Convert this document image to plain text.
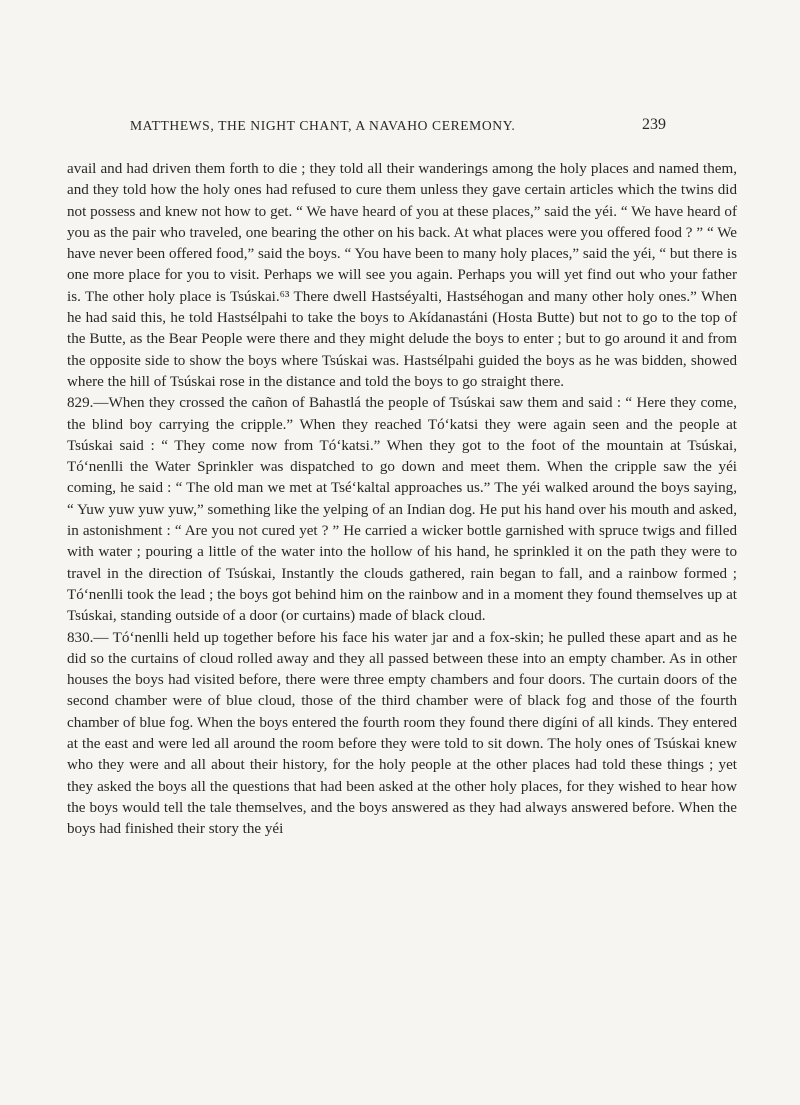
MATTHEWS, THE NIGHT CHANT, A NAVAHO CEREMONY.	239

avail and had driven them forth to die ; they told all their wanderings among the holy places and named them, and they told how the holy ones had refused to cure them unless they gave certain articles which the twins did not possess and knew not how to get. “ We have heard of you at these places,” said the yéi. “ We have heard of you as the pair who traveled, one bearing the other on his back. At what places were you offered food ? ” “ We have never been offered food,” said the boys. “ You have been to many holy places,” said the yéi, “ but there is one more place for you to visit. Perhaps we will see you again. Perhaps you will yet find out who your father is. The other holy place is Tsúskai.⁶³ There dwell Hastséyalti, Hastséhogan and many other holy ones.” When he had said this, he told Hastsélpahi to take the boys to Akídanastáni (Hosta Butte) but not to go to the top of the Butte, as the Bear People were there and they might delude the boys to enter ; but to go around it and from the opposite side to show the boys where Tsúskai was. Hastsélpahi guided the boys as he was bidden, showed where the hill of Tsúskai rose in the distance and told the boys to go straight there.

829.—When they crossed the cañon of Bahastlá the people of Tsúskai saw them and said : “ Here they come, the blind boy carrying the cripple.” When they reached Tóʻkatsi they were again seen and the people at Tsúskai said : “ They come now from Tóʻkatsi.” When they got to the foot of the mountain at Tsúskai, Tóʻnenlli the Water Sprinkler was dispatched to go down and meet them. When the cripple saw the yéi coming, he said : “ The old man we met at Tséʻkaltal approaches us.” The yéi walked around the boys saying, “ Yuw yuw yuw yuw,” something like the yelping of an Indian dog. He put his hand over his mouth and asked, in astonishment : “ Are you not cured yet ? ” He carried a wicker bottle garnished with spruce twigs and filled with water ; pouring a little of the water into the hollow of his hand, he sprinkled it on the path they were to travel in the direction of Tsúskai, Instantly the clouds gathered, rain began to fall, and a rainbow formed ; Tóʻnenlli took the lead ; the boys got behind him on the rainbow and in a moment they found themselves up at Tsúskai, standing outside of a door (or curtains) made of black cloud.

830.— Tóʻnenlli held up together before his face his water jar and a fox-skin; he pulled these apart and as he did so the curtains of cloud rolled away and they all passed between these into an empty chamber. As in other houses the boys had visited before, there were three empty chambers and four doors. The curtain doors of the second chamber were of blue cloud, those of the third chamber were of black fog and those of the fourth chamber of blue fog. When the boys entered the fourth room they found there digíni of all kinds. They entered at the east and were led all around the room before they were told to sit down. The holy ones of Tsúskai knew who they were and all about their history, for the holy people at the other places had told these things ; yet they asked the boys all the questions that had been asked at the other holy places, for they wished to hear how the boys would tell the tale themselves, and the boys answered as they had always answered before. When the boys had finished their story the yéi
